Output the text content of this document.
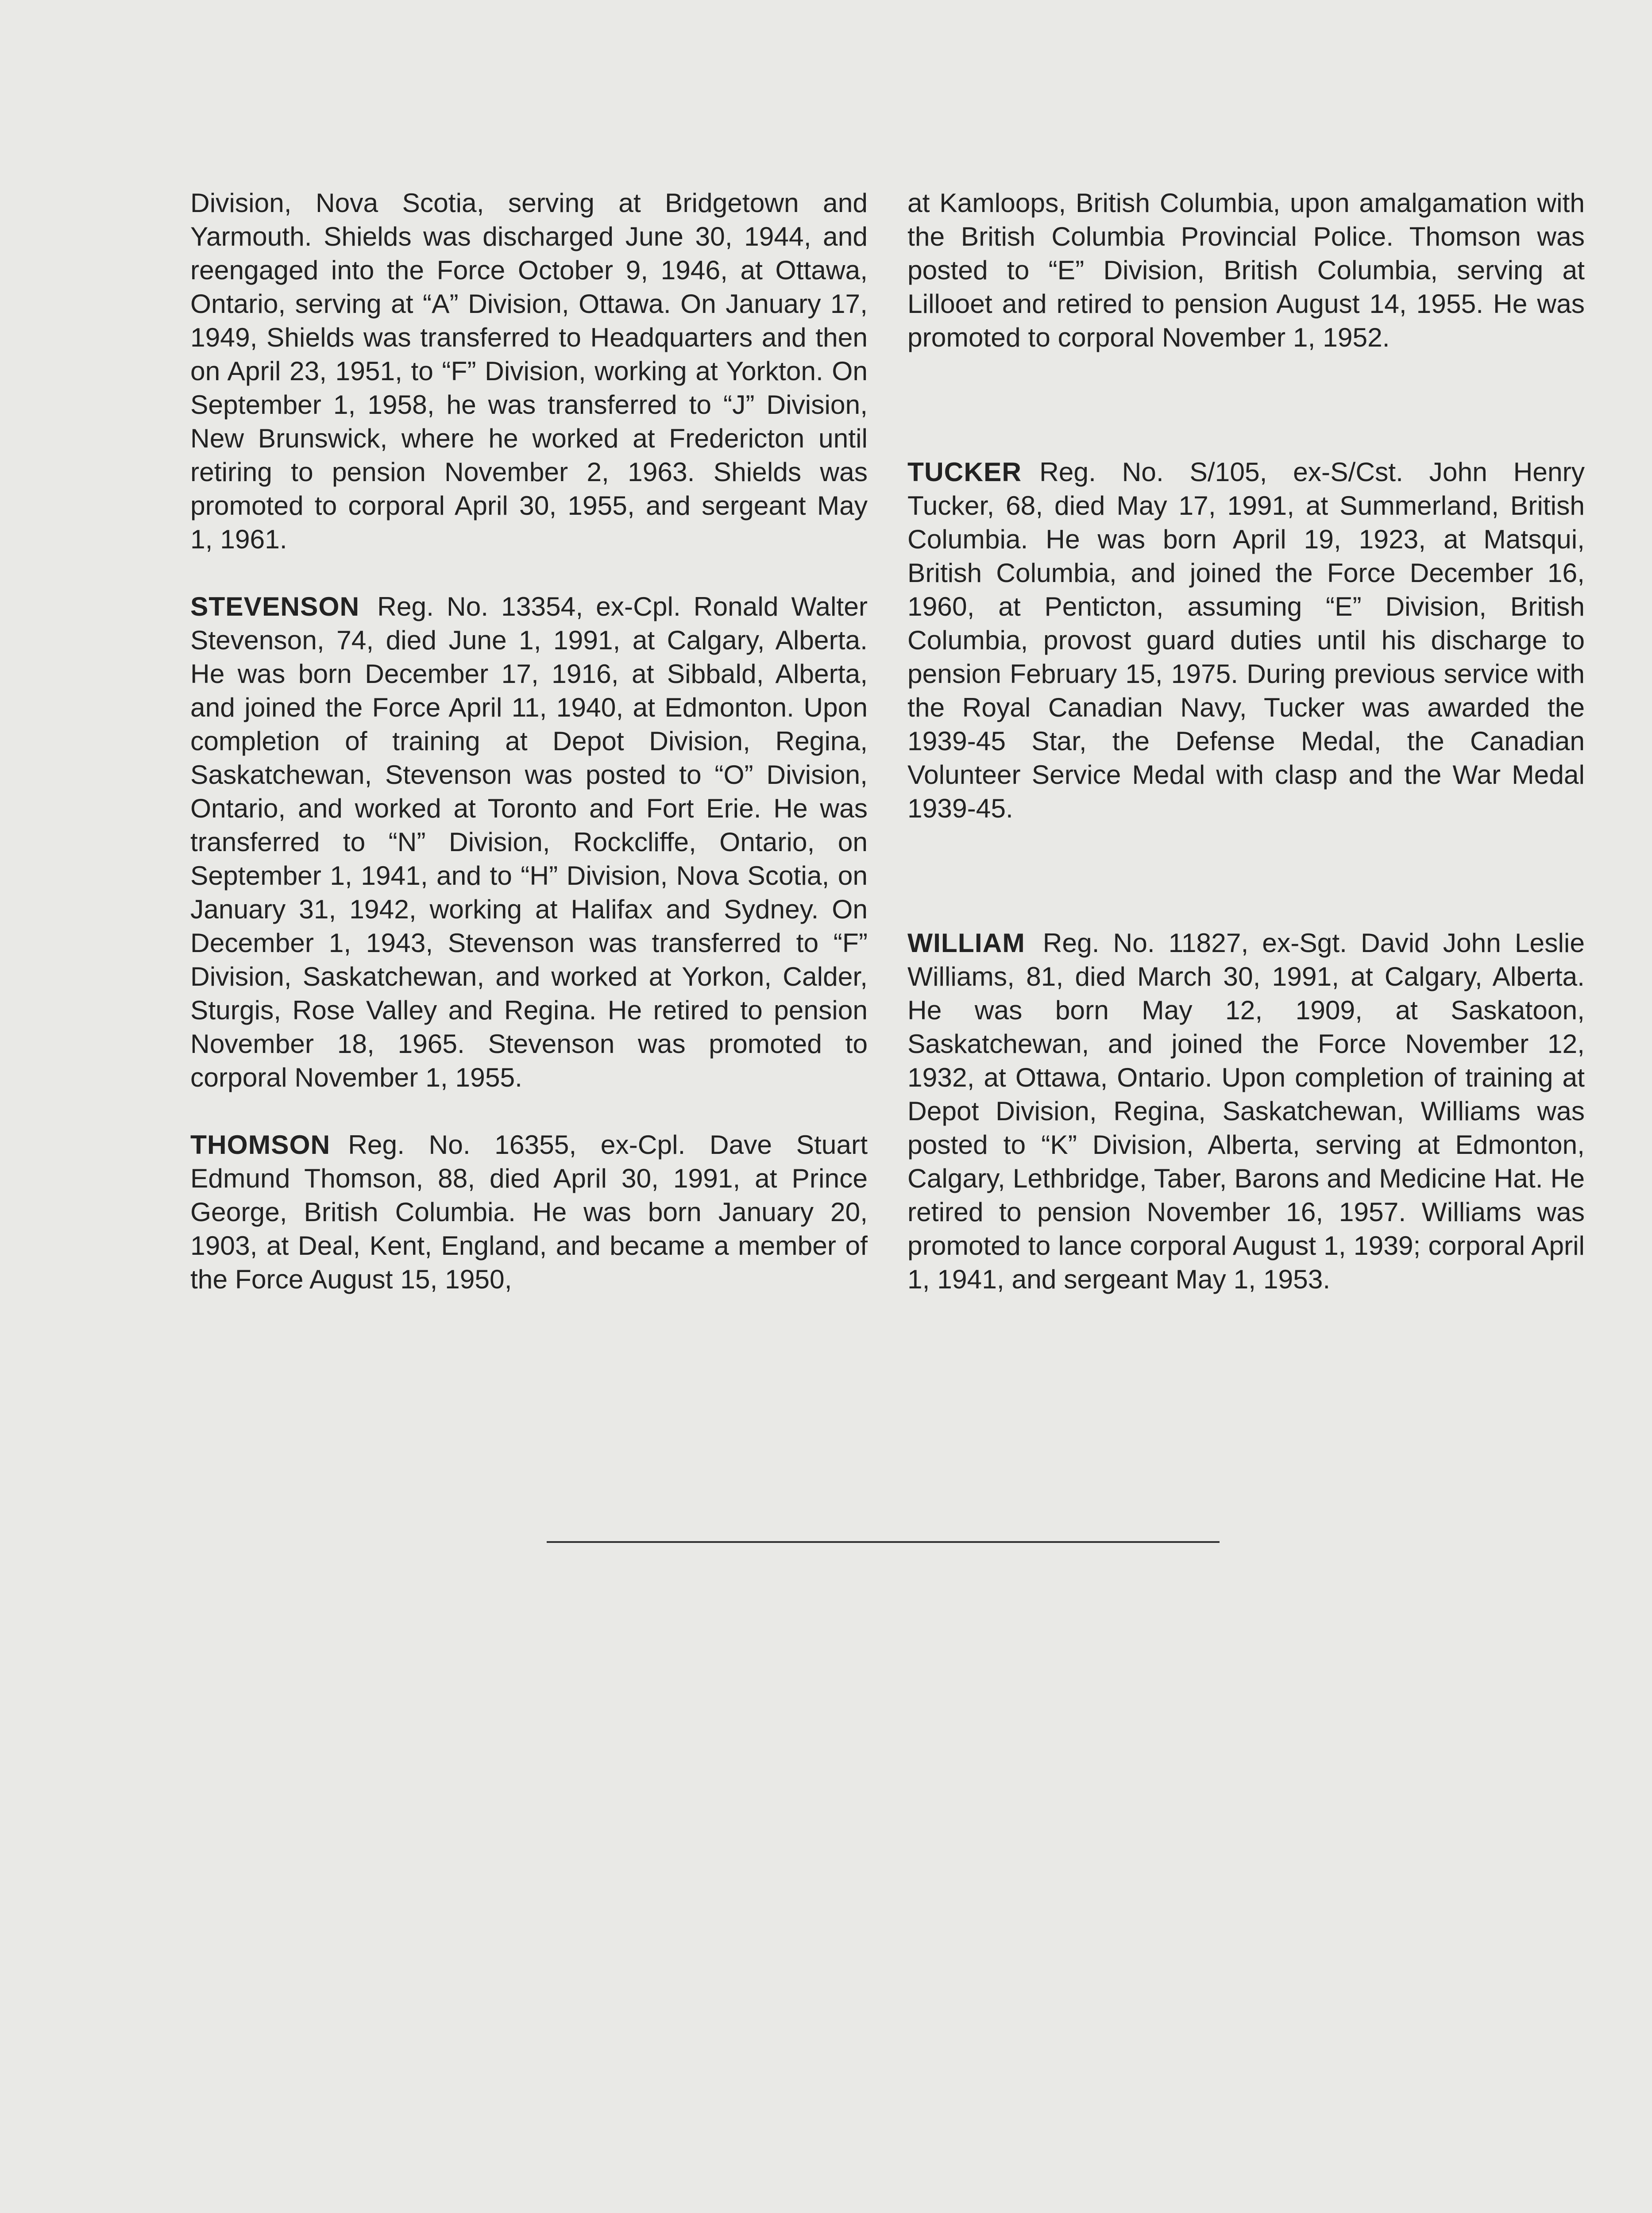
Division, Nova Scotia, serving at Bridgetown and Yarmouth. Shields was discharged June 30, 1944, and reengaged into the Force October 9, 1946, at Ottawa, Ontario, serving at “A” Division, Ottawa. On January 17, 1949, Shields was transferred to Headquarters and then on April 23, 1951, to “F” Division, working at Yorkton. On September 1, 1958, he was transferred to “J” Division, New Brunswick, where he worked at Fredericton until retiring to pension November 2, 1963. Shields was promoted to corporal April 30, 1955, and sergeant May 1, 1961.

STEVENSON Reg. No. 13354, ex-Cpl. Ronald Walter Stevenson, 74, died June 1, 1991, at Calgary, Alberta. He was born December 17, 1916, at Sibbald, Alberta, and joined the Force April 11, 1940, at Edmonton. Upon completion of training at Depot Division, Regina, Saskatchewan, Stevenson was posted to “O” Division, Ontario, and worked at Toronto and Fort Erie. He was transferred to “N” Division, Rockcliffe, Ontario, on September 1, 1941, and to “H” Division, Nova Scotia, on January 31, 1942, working at Halifax and Sydney. On December 1, 1943, Stevenson was transferred to “F” Division, Saskatchewan, and worked at Yorkon, Calder, Sturgis, Rose Valley and Regina. He retired to pension November 18, 1965. Stevenson was promoted to corporal November 1, 1955.

THOMSON Reg. No. 16355, ex-Cpl. Dave Stuart Edmund Thomson, 88, died April 30, 1991, at Prince George, British Columbia. He was born January 20, 1903, at Deal, Kent, England, and became a member of the Force August 15, 1950,

at Kamloops, British Columbia, upon amalgamation with the British Columbia Provincial Police. Thomson was posted to “E” Division, British Columbia, serving at Lillooet and retired to pension August 14, 1955. He was promoted to corporal November 1, 1952.

TUCKER Reg. No. S/105, ex-S/Cst. John Henry Tucker, 68, died May 17, 1991, at Summerland, British Columbia. He was born April 19, 1923, at Matsqui, British Columbia, and joined the Force December 16, 1960, at Penticton, assuming “E” Division, British Columbia, provost guard duties until his discharge to pension February 15, 1975. During previous service with the Royal Canadian Navy, Tucker was awarded the 1939-45 Star, the Defense Medal, the Canadian Volunteer Service Medal with clasp and the War Medal 1939-45.

WILLIAM Reg. No. 11827, ex-Sgt. David John Leslie Williams, 81, died March 30, 1991, at Calgary, Alberta. He was born May 12, 1909, at Saskatoon, Saskatchewan, and joined the Force November 12, 1932, at Ottawa, Ontario. Upon completion of training at Depot Division, Regina, Saskatchewan, Williams was posted to “K” Division, Alberta, serving at Edmonton, Calgary, Lethbridge, Taber, Barons and Medicine Hat. He retired to pension November 16, 1957. Williams was promoted to lance corporal August 1, 1939; corporal April 1, 1941, and sergeant May 1, 1953.
